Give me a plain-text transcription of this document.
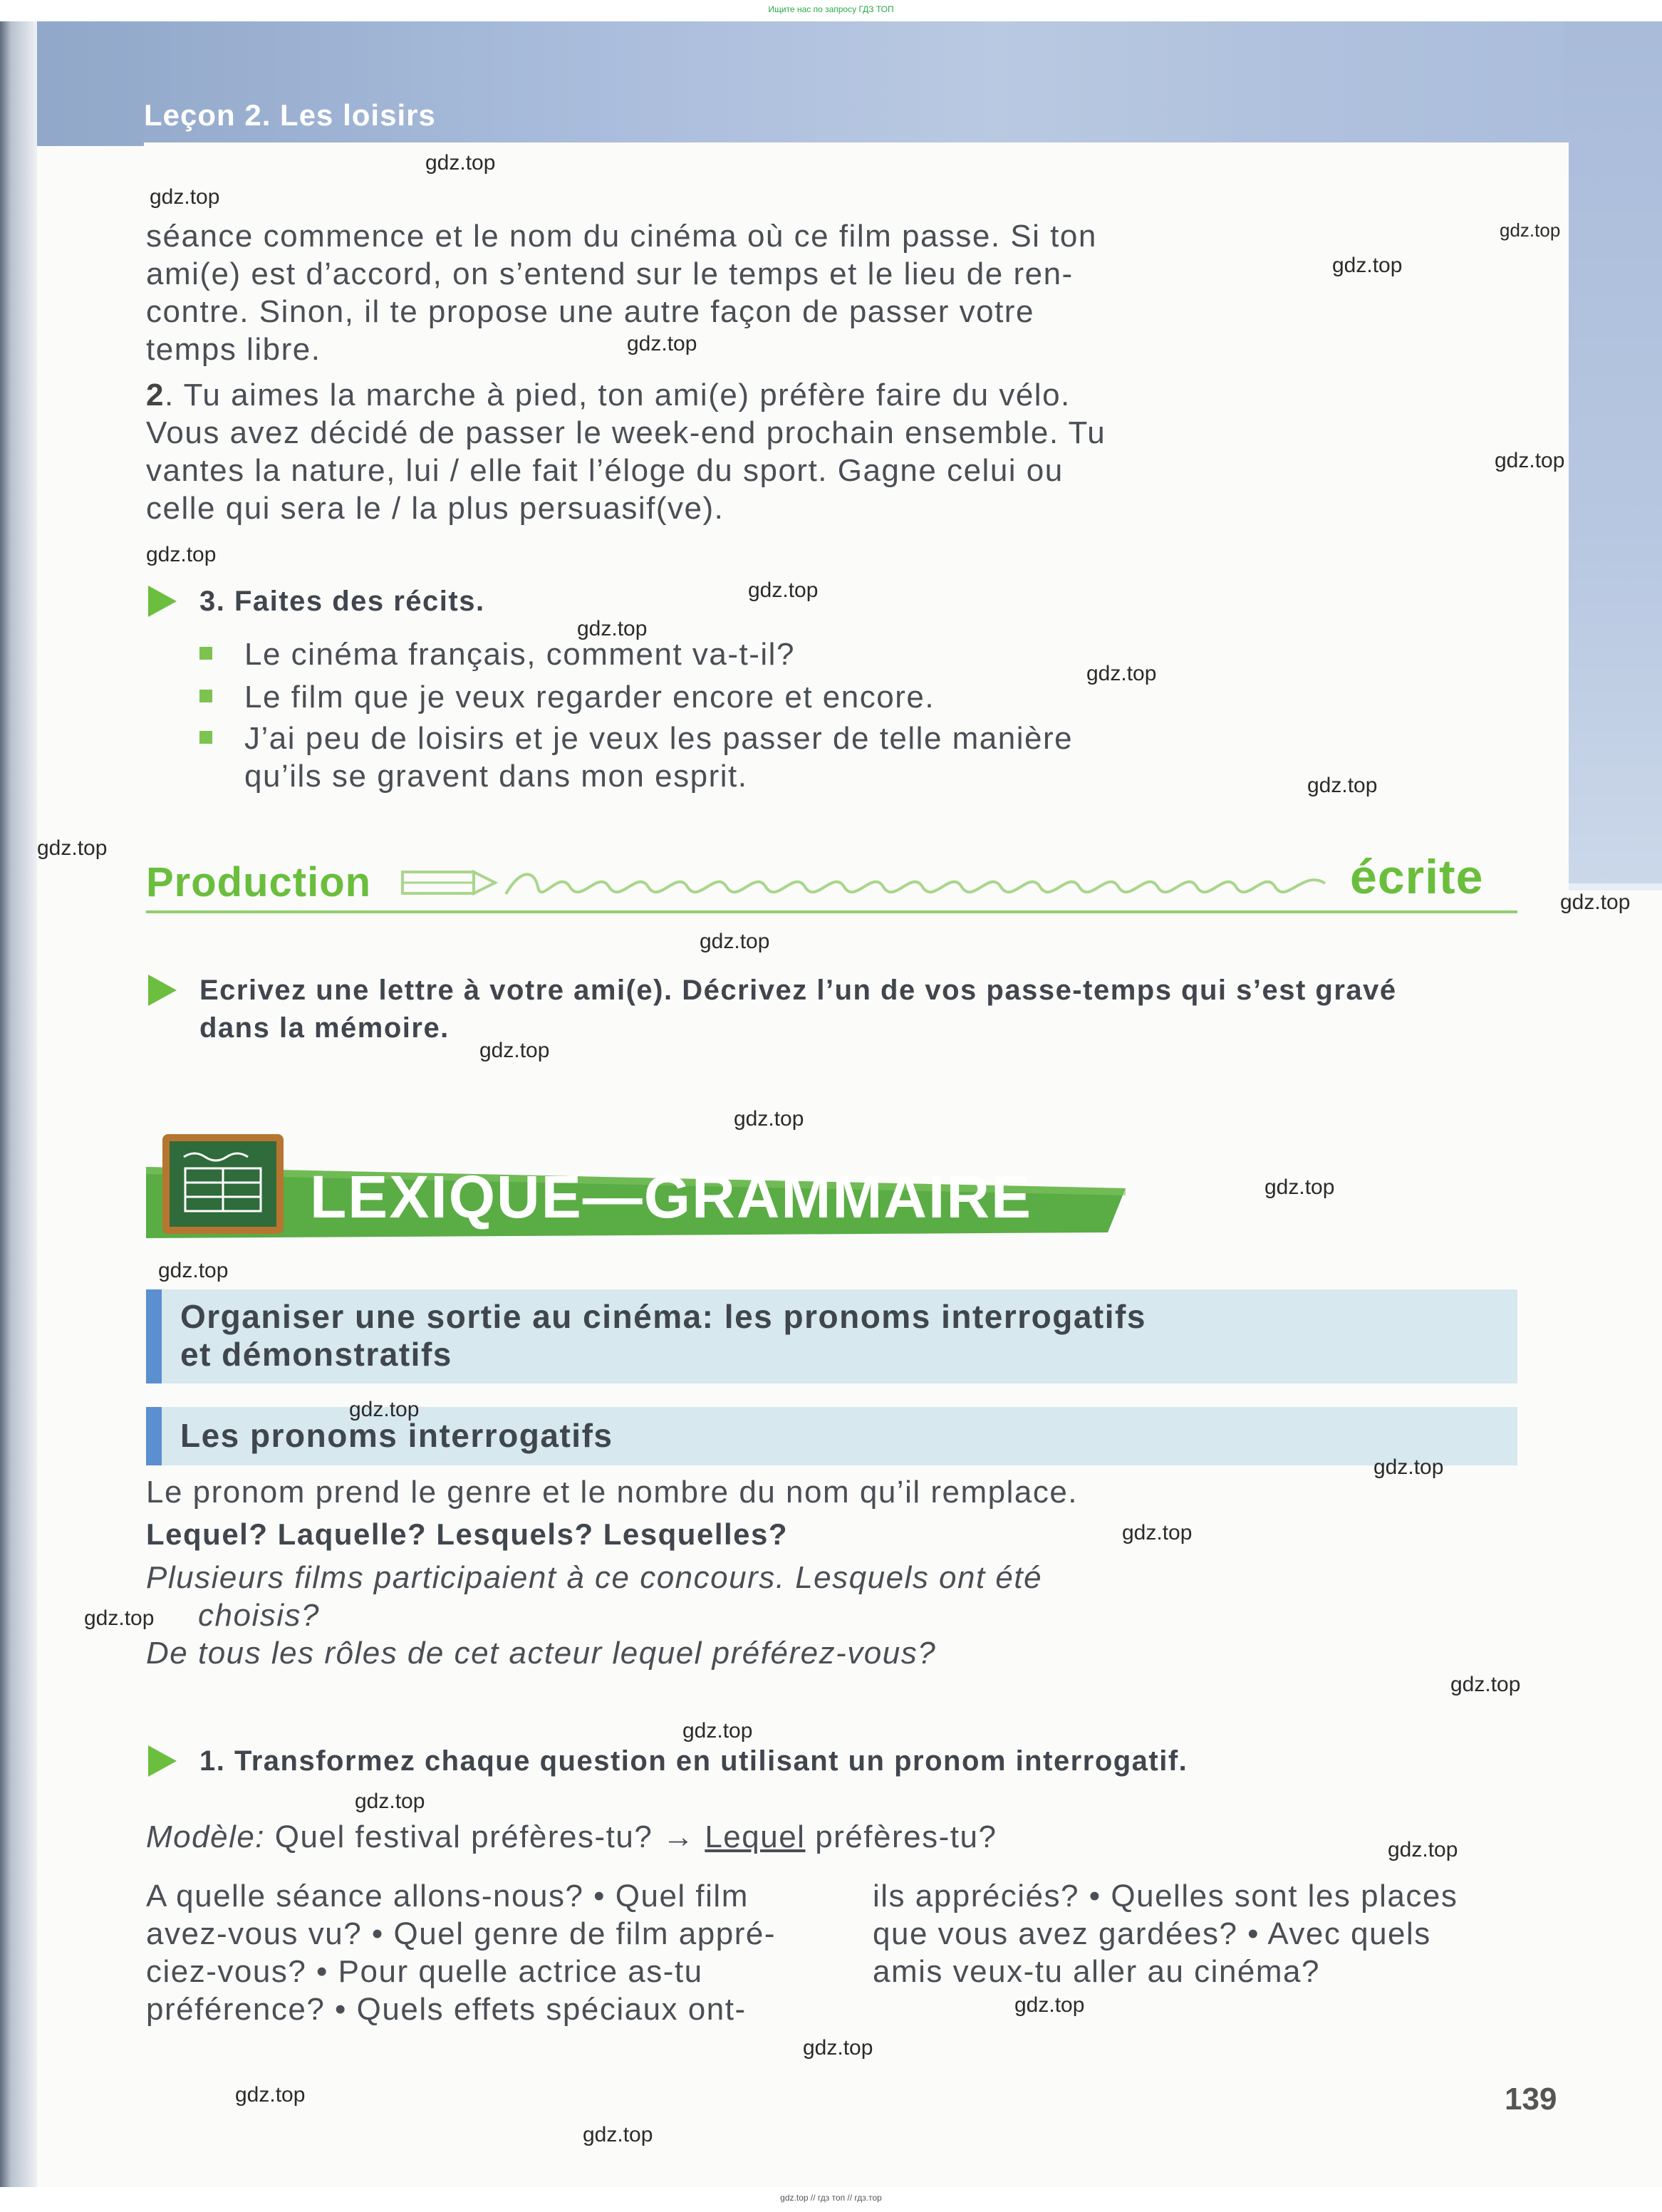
Ищите нас по запросу ГДЗ ТОП
gdz.top // гдз топ // гдз.тор
Leçon 2. Les loisirs
séance commence et le nom du cinéma où ce film passe. Si ton
ami(e) est d’accord, on s’entend sur le temps et le lieu de ren-
contre. Sinon, il te propose une autre façon de passer votre
temps libre.
2. Tu aimes la marche à pied, ton ami(e) préfère faire du vélo.
Vous avez décidé de passer le week-end prochain ensemble. Tu
vantes la nature, lui / elle fait l’éloge du sport. Gagne celui ou
celle qui sera le / la plus persuasif(ve).
3. Faites des récits.
Le cinéma français, comment va-t-il?
Le film que je veux regarder encore et encore.
J’ai peu de loisirs et je veux les passer de telle manière
qu’ils se gravent dans mon esprit.
Production	écrite
Ecrivez une lettre à votre ami(e). Décrivez l’un de vos passe-temps qui s’est gravé
dans la mémoire.
LEXIQUE—GRAMMAIRE
Organiser une sortie au cinéma: les pronoms interrogatifs
et démonstratifs
Les pronoms interrogatifs
Le pronom prend le genre et le nombre du nom qu’il remplace.
Lequel? Laquelle? Lesquels? Lesquelles?
Plusieurs films participaient à ce concours. Lesquels ont été
choisis?
De tous les rôles de cet acteur lequel préférez-vous?
1. Transformez chaque question en utilisant un pronom interrogatif.
Modèle: Quel festival préfères-tu? → Lequel préfères-tu?
A quelle séance allons-nous? • Quel film
avez-vous vu? • Quel genre de film appré-
ciez-vous? • Pour quelle actrice as-tu
préférence? • Quels effets spéciaux ont-
ils appréciés? • Quelles sont les places
que vous avez gardées? • Avec quels
amis veux-tu aller au cinéma?
139
gdz.top
gdz.top
gdz.top
gdz.top
gdz.top
gdz.top
gdz.top
gdz.top
gdz.top
gdz.top
gdz.top
gdz.top
gdz.top
gdz.top
gdz.top
gdz.top
gdz.top
gdz.top
gdz.top
gdz.top
gdz.top
gdz.top
gdz.top
gdz.top
gdz.top
gdz.top
gdz.top
gdz.top
gdz.top
gdz.top
